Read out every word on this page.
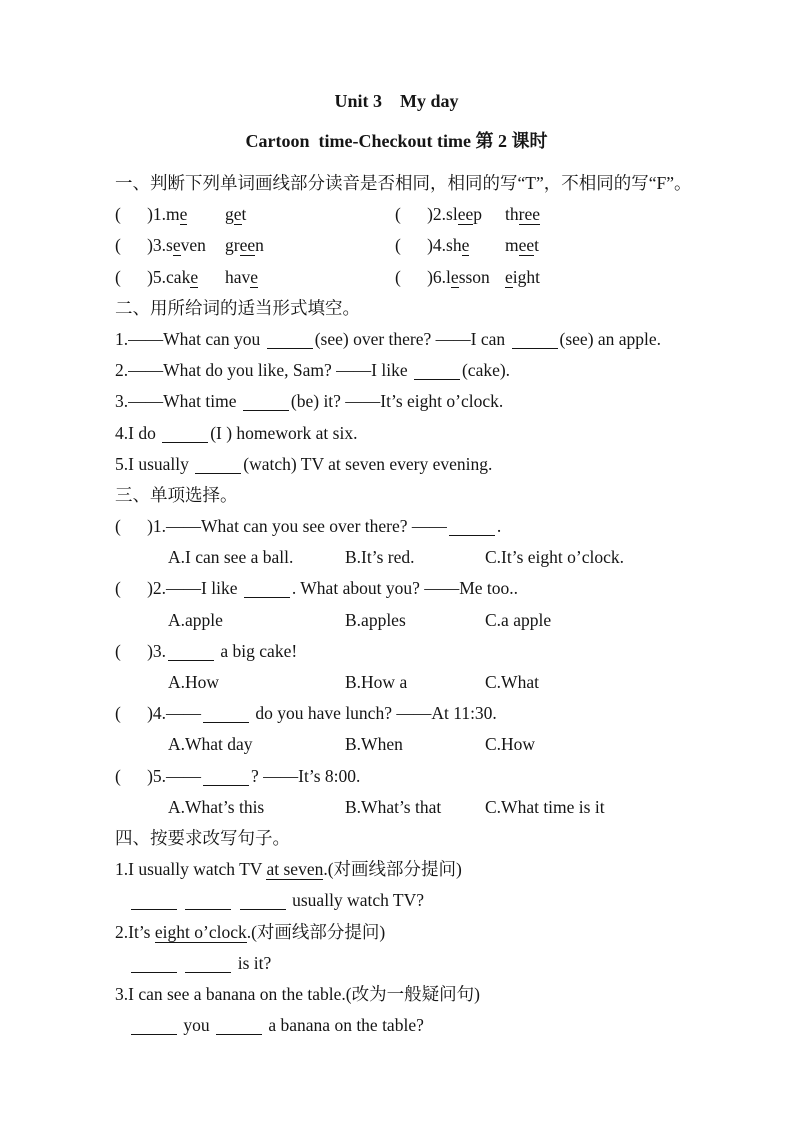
Unit 3    My day
Cartoon  time-Checkout time 第 2 课时
一、判断下列单词画线部分读音是否相同，相同的写“T”，不相同的写“F”。
(      )1.me	get	(      )2.sleep	three
(      )3.seven	green	(      )4.she	meet
(      )5.cake	have	(      )6.lesson eight
二、用所给词的适当形式填空。
1.——What can you	(see) over there? ——I can	(see) an apple.
2.——What do you like, Sam? ——I like	(cake).
3.——What time	(be) it? ——It’s eight o’clock.
4.I do	(I ) homework at six.
5.I usually	(watch) TV at seven every evening.
三、单项选择。
(      )1.——What can you see over there? ——	.
A.I can see a ball.	B.It’s red.	C.It’s eight o’clock.
(      )2.——I like	. What about you? ——Me too..
A.apple	B.apples	C.a apple
(      )3.	a big cake!
A.How	B.How a	C.What
(      )4.——	do you have lunch? ——At 11:30.
A.What day	B.When	C.How
(      )5.——	? ——It’s 8:00.
A.What’s this	B.What’s that	C.What time is it
四、按要求改写句子。
1.I usually watch TV at seven.(对画线部分提问)
usually watch TV?
2.It’s eight o’clock.(对画线部分提问)
is it?
3.I can see a banana on the table.(改为一般疑问句)
you	a banana on the table?
